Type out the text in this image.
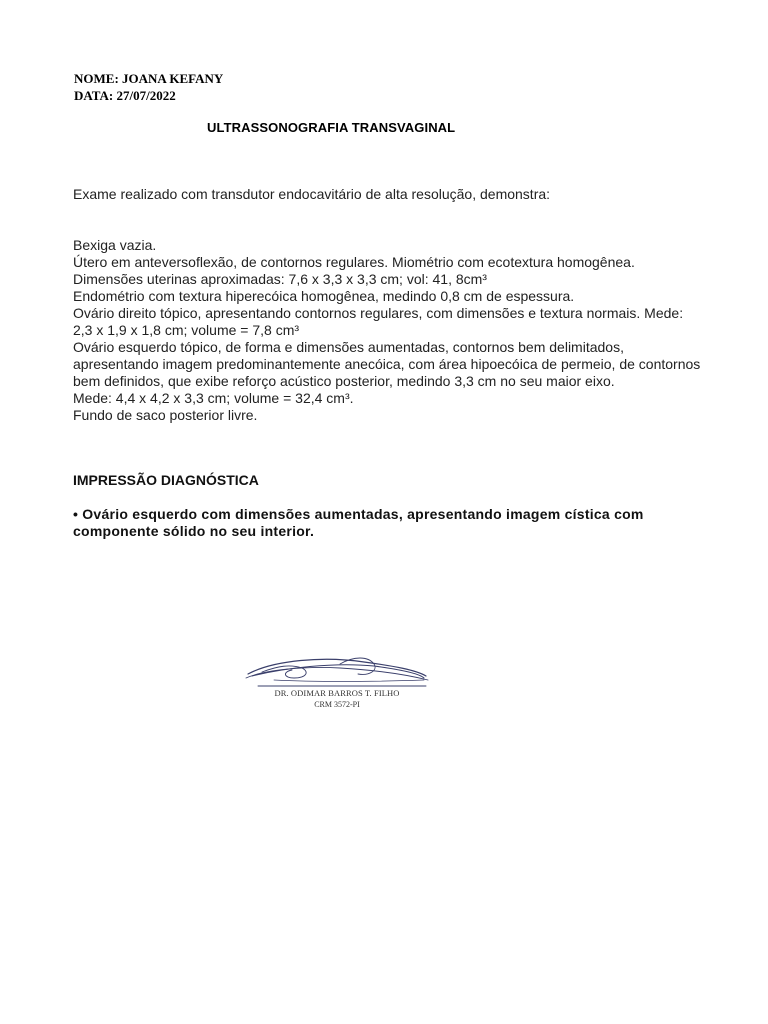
NOME: JOANA KEFANY
DATA: 27/07/2022
ULTRASSONOGRAFIA TRANSVAGINAL
Exame realizado com transdutor endocavitário de alta resolução, demonstra:

Bexiga vazia.

Útero em anteversoflexão, de contornos regulares. Miométrio com ecotextura homogênea.

Dimensões uterinas aproximadas: 7,6 x 3,3 x 3,3 cm; vol: 41, 8cm³

Endométrio com textura hiperecóica homogênea, medindo 0,8 cm de espessura.

Ovário direito tópico, apresentando contornos regulares, com dimensões e textura normais. Mede: 2,3 x 1,9 x 1,8 cm; volume = 7,8 cm³

Ovário esquerdo tópico, de forma e dimensões aumentadas, contornos bem delimitados, apresentando imagem predominantemente anecóica, com área hipoecóica de permeio, de contornos bem definidos, que exibe reforço acústico posterior, medindo 3,3 cm no seu maior eixo.

Mede: 4,4 x 4,2 x 3,3 cm; volume = 32,4 cm³.

Fundo de saco posterior livre.

IMPRESSÃO DIAGNÓSTICA
• Ovário esquerdo com dimensões aumentadas, apresentando imagem cística com componente sólido no seu interior.
DR. ODIMAR BARROS T. FILHO
CRM 3572-PI
